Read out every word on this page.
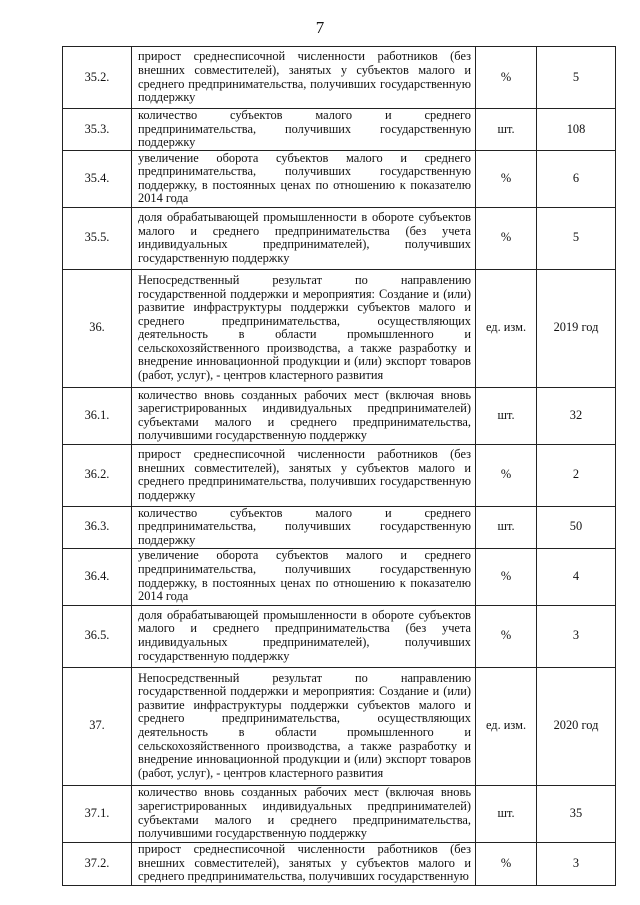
7
35.2.	прирост среднесписочной численности работников (без внешних совместителей), занятых у субъектов малого и среднего предпринимательства, получивших государственную поддержку	%	5
35.3.	количество субъектов малого и среднего предпринимательства, получивших государственную поддержку	шт.	108
35.4.	увеличение оборота субъектов малого и среднего предпринимательства, получивших государственную поддержку, в постоянных ценах по отношению к показателю 2014 года	%	6
35.5.	доля обрабатывающей промышленности в обороте субъектов малого и среднего предпринимательства (без учета индивидуальных предпринимателей), получивших государственную поддержку	%	5
36.	Непосредственный результат по направлению государственной поддержки и мероприятия: Создание и (или) развитие инфраструктуры поддержки субъектов малого и среднего предпринимательства, осуществляющих деятельность в области промышленного и сельскохозяйственного производства, а также разработку и внедрение инновационной продукции и (или) экспорт товаров (работ, услуг), - центров кластерного развития	ед. изм.	2019 год
36.1.	количество вновь созданных рабочих мест (включая вновь зарегистрированных индивидуальных предпринимателей) субъектами малого и среднего предпринимательства, получившими государственную поддержку	шт.	32
36.2.	прирост среднесписочной численности работников (без внешних совместителей), занятых у субъектов малого и среднего предпринимательства, получивших государственную поддержку	%	2
36.3.	количество субъектов малого и среднего предпринимательства, получивших государственную поддержку	шт.	50
36.4.	увеличение оборота субъектов малого и среднего предпринимательства, получивших государственную поддержку, в постоянных ценах по отношению к показателю 2014 года	%	4
36.5.	доля обрабатывающей промышленности в обороте субъектов малого и среднего предпринимательства (без учета индивидуальных предпринимателей), получивших государственную поддержку	%	3
37.	Непосредственный результат по направлению государственной поддержки и мероприятия: Создание и (или) развитие инфраструктуры поддержки субъектов малого и среднего предпринимательства, осуществляющих деятельность в области промышленного и сельскохозяйственного производства, а также разработку и внедрение инновационной продукции и (или) экспорт товаров (работ, услуг), - центров кластерного развития	ед. изм.	2020 год
37.1.	количество вновь созданных рабочих мест (включая вновь зарегистрированных индивидуальных предпринимателей) субъектами малого и среднего предпринимательства, получившими государственную поддержку	шт.	35
37.2.	прирост среднесписочной численности работников (без внешних совместителей), занятых у субъектов малого и среднего предпринимательства, получивших государственную	%	3
